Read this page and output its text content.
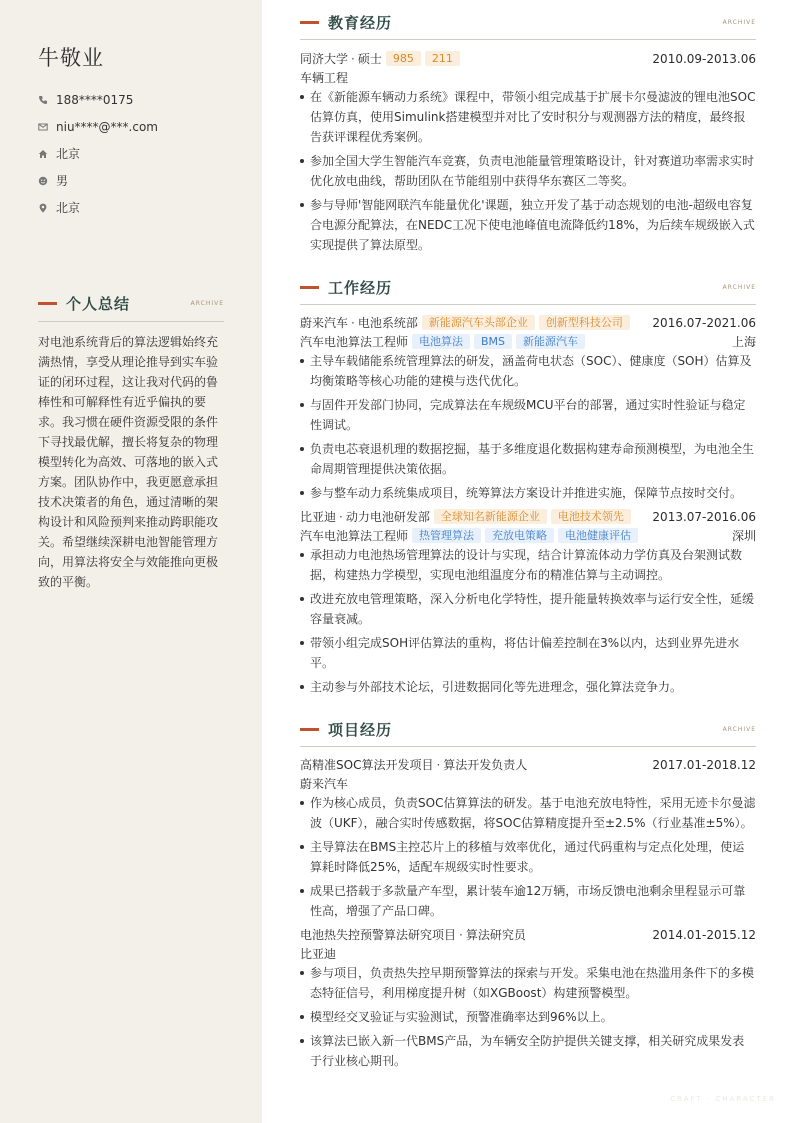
牛敬业
188****0175
niu****@***.com
北京
男
北京
个人总结	ARCHIVE

对电池系统背后的算法逻辑始终充满热情，享受从理论推导到实车验证的闭环过程，这让我对代码的鲁棒性和可解释性有近乎偏执的要求。我习惯在硬件资源受限的条件下寻找最优解，擅长将复杂的物理模型转化为高效、可落地的嵌入式方案。团队协作中，我更愿意承担技术决策者的角色，通过清晰的架构设计和风险预判来推动跨职能攻关。希望继续深耕电池智能管理方向，用算法将安全与效能推向更极致的平衡。

教育经历	ARCHIVE
同济大学 · 硕士	985	211	2010.09-2013.06
车辆工程
在《新能源车辆动力系统》课程中，带领小组完成基于扩展卡尔曼滤波的锂电池SOC估算仿真，使用Simulink搭建模型并对比了安时积分与观测器方法的精度，最终报告获评课程优秀案例。
参加全国大学生智能汽车竞赛，负责电池能量管理策略设计，针对赛道功率需求实时优化放电曲线，帮助团队在节能组别中获得华东赛区二等奖。
参与导师'智能网联汽车能量优化'课题，独立开发了基于动态规划的电池-超级电容复合电源分配算法，在NEDC工况下使电池峰值电流降低约18%，为后续车规级嵌入式实现提供了算法原型。
工作经历	ARCHIVE
蔚来汽车 · 电池系统部	新能源汽车头部企业	创新型科技公司	2016.07-2021.06
汽车电池算法工程师	电池算法	BMS	新能源汽车	上海
主导车载储能系统管理算法的研发，涵盖荷电状态（SOC）、健康度（SOH）估算及均衡策略等核心功能的建模与迭代优化。
与固件开发部门协同，完成算法在车规级MCU平台的部署，通过实时性验证与稳定性调试。
负责电芯衰退机理的数据挖掘，基于多维度退化数据构建寿命预测模型，为电池全生命周期管理提供决策依据。
参与整车动力系统集成项目，统筹算法方案设计并推进实施，保障节点按时交付。
比亚迪 · 动力电池研发部	全球知名新能源企业	电池技术领先	2013.07-2016.06
汽车电池算法工程师	热管理算法	充放电策略	电池健康评估	深圳
承担动力电池热场管理算法的设计与实现，结合计算流体动力学仿真及台架测试数据，构建热力学模型，实现电池组温度分布的精准估算与主动调控。
改进充放电管理策略，深入分析电化学特性，提升能量转换效率与运行安全性，延缓容量衰减。
带领小组完成SOH评估算法的重构，将估计偏差控制在3%以内，达到业界先进水平。
主动参与外部技术论坛，引进数据同化等先进理念，强化算法竞争力。
项目经历	ARCHIVE
高精准SOC算法开发项目 · 算法开发负责人	2017.01-2018.12
蔚来汽车
作为核心成员，负责SOC估算算法的研发。基于电池充放电特性，采用无迹卡尔曼滤波（UKF），融合实时传感数据，将SOC估算精度提升至±2.5%（行业基准±5%）。
主导算法在BMS主控芯片上的移植与效率优化，通过代码重构与定点化处理，使运算耗时降低25%，适配车规级实时性要求。
成果已搭载于多款量产车型，累计装车逾12万辆，市场反馈电池剩余里程显示可靠性高，增强了产品口碑。
电池热失控预警算法研究项目 · 算法研究员	2014.01-2015.12
比亚迪
参与项目，负责热失控早期预警算法的探索与开发。采集电池在热滥用条件下的多模态特征信号，利用梯度提升树（如XGBoost）构建预警模型。
模型经交叉验证与实验测试，预警准确率达到96%以上。
该算法已嵌入新一代BMS产品，为车辆安全防护提供关键支撑，相关研究成果发表于行业核心期刊。
CRAFT · CHARACTER
